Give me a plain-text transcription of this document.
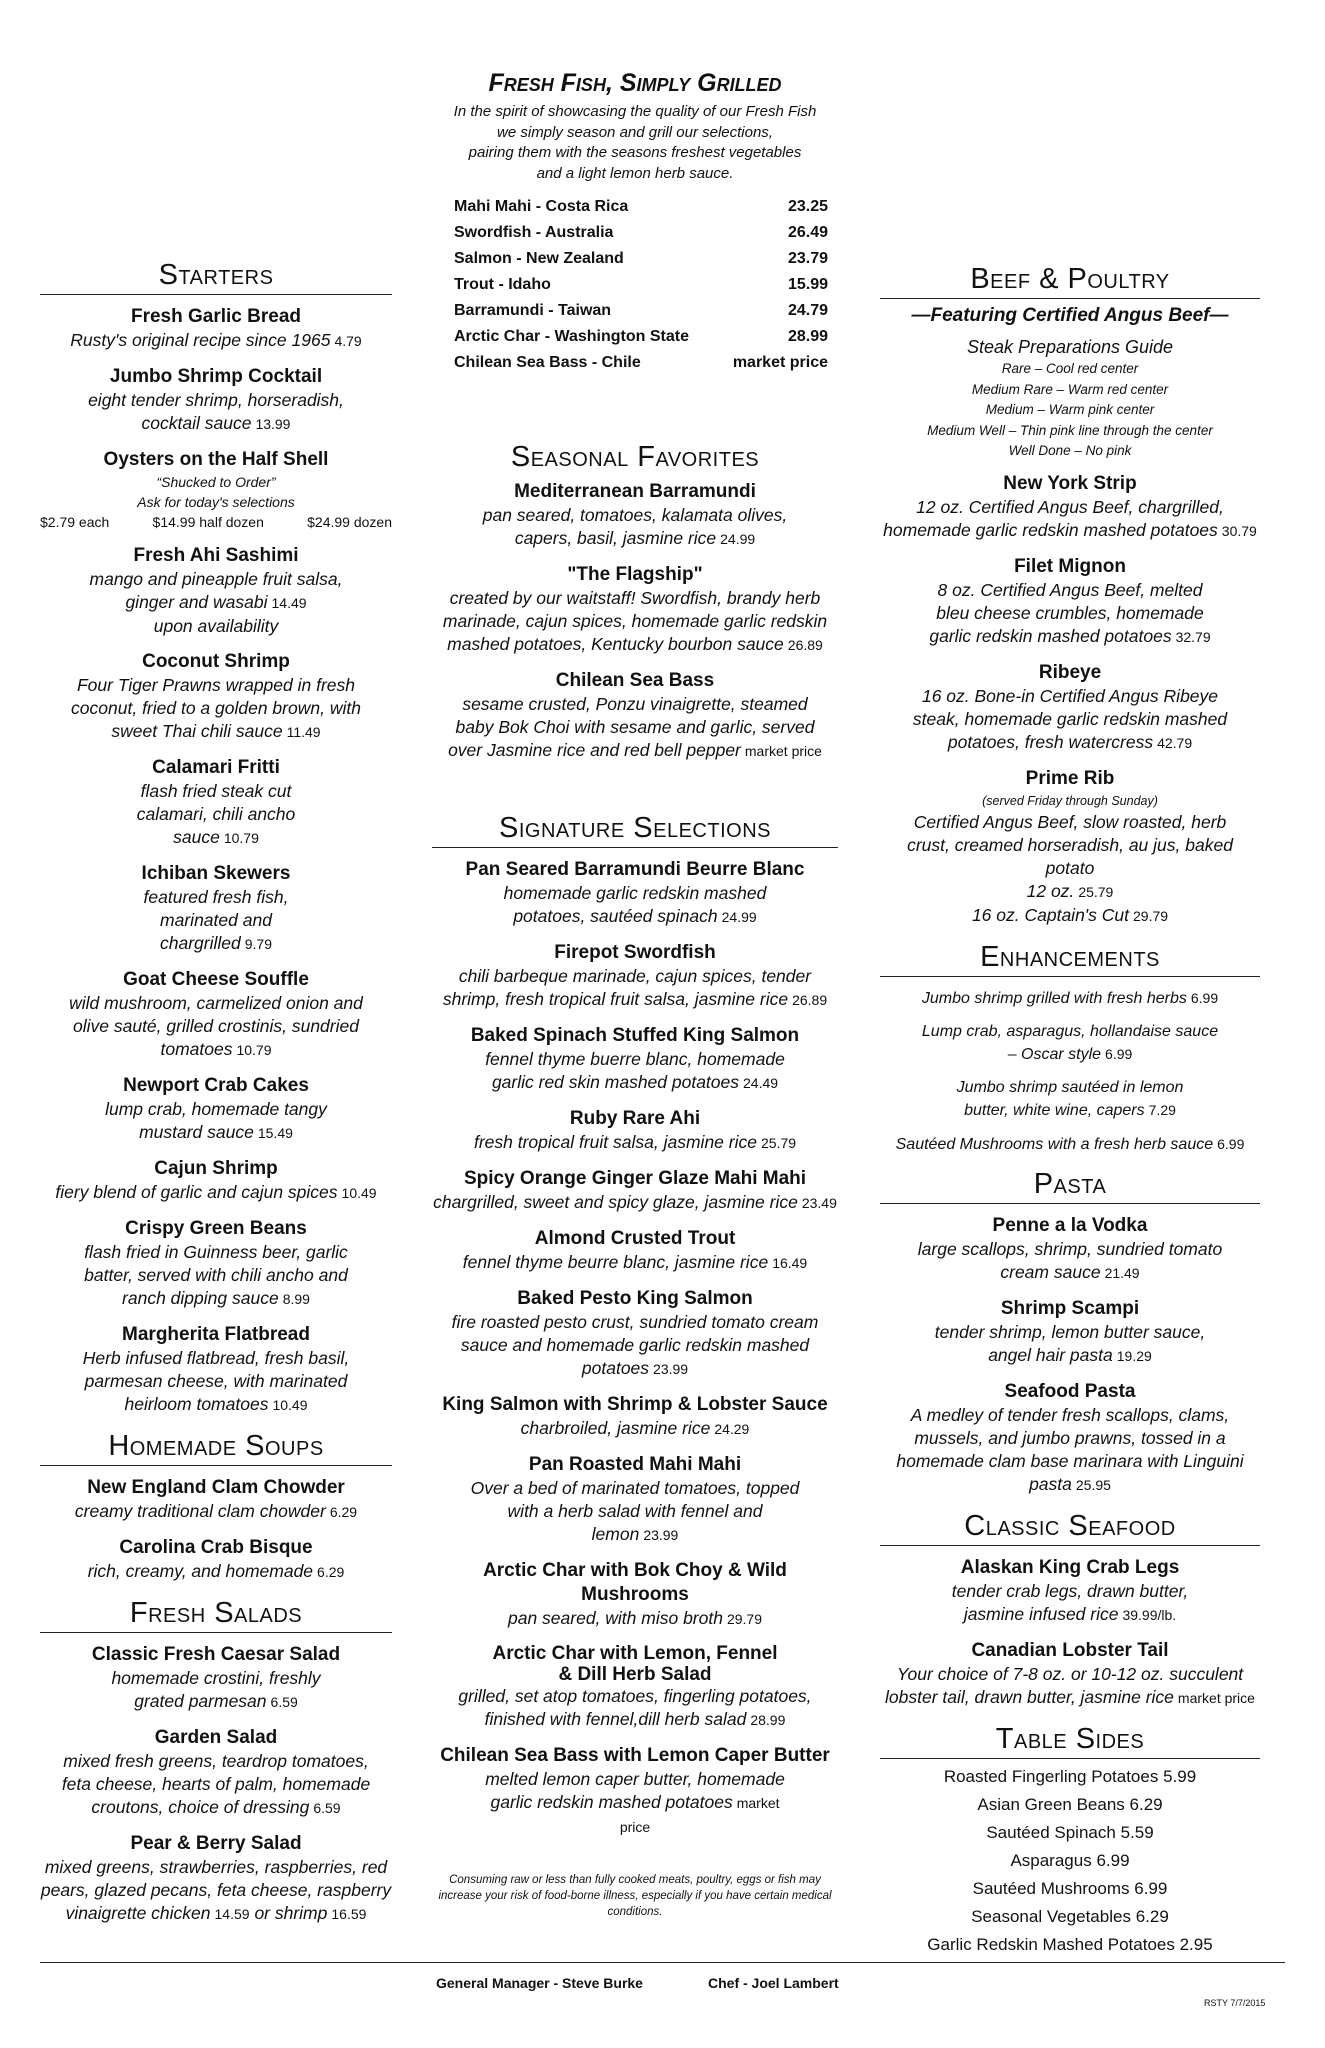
Starters
Fresh Garlic Bread
Rusty's original recipe since 1965 4.79
Jumbo Shrimp Cocktail
eight tender shrimp, horseradish, cocktail sauce 13.99
Oysters on the Half Shell
“Shucked to Order”
Ask for today's selections
$2.79 each	$14.99 half dozen	$24.99 dozen
Fresh Ahi Sashimi
mango and pineapple fruit salsa, ginger and wasabi 14.49
upon availability
Coconut Shrimp
Four Tiger Prawns wrapped in fresh coconut, fried to a golden brown, with sweet Thai chili sauce 11.49
Calamari Fritti
flash fried steak cut calamari, chili ancho sauce 10.79
Ichiban Skewers
featured fresh fish, marinated and chargrilled 9.79
Goat Cheese Souffle
wild mushroom, carmelized onion and olive sauté, grilled crostinis, sundried tomatoes 10.79
Newport Crab Cakes
lump crab, homemade tangy mustard sauce 15.49
Cajun Shrimp
fiery blend of garlic and cajun spices 10.49
Crispy Green Beans
flash fried in Guinness beer, garlic batter, served with chili ancho and ranch dipping sauce 8.99
Margherita Flatbread
Herb infused flatbread, fresh basil, parmesan cheese, with marinated heirloom tomatoes 10.49
Homemade Soups
New England Clam Chowder
creamy traditional clam chowder 6.29
Carolina Crab Bisque
rich, creamy, and homemade 6.29
Fresh Salads
Classic Fresh Caesar Salad
homemade crostini, freshly grated parmesan 6.59
Garden Salad
mixed fresh greens, teardrop tomatoes, feta cheese, hearts of palm, homemade croutons, choice of dressing 6.59
Pear & Berry Salad
mixed greens, strawberries, raspberries, red pears, glazed pecans, feta cheese, raspberry vinaigrette chicken 14.59 or shrimp 16.59
Fresh Fish, Simply Grilled
In the spirit of showcasing the quality of our Fresh Fish
we simply season and grill our selections,
pairing them with the seasons freshest vegetables
and a light lemon herb sauce.
Mahi Mahi - Costa Rica	23.25
Swordfish - Australia	26.49
Salmon - New Zealand	23.79
Trout - Idaho	15.99
Barramundi - Taiwan	24.79
Arctic Char - Washington State	28.99
Chilean Sea Bass - Chile	market price
Seasonal Favorites
Mediterranean Barramundi
pan seared, tomatoes, kalamata olives, capers, basil, jasmine rice 24.99
"The Flagship"
created by our waitstaff! Swordfish, brandy herb marinade, cajun spices, homemade garlic redskin mashed potatoes, Kentucky bourbon sauce 26.89
Chilean Sea Bass
sesame crusted, Ponzu vinaigrette, steamed baby Bok Choi with sesame and garlic, served over Jasmine rice and red bell pepper market price
Signature Selections
Pan Seared Barramundi Beurre Blanc
homemade garlic redskin mashed potatoes, sautéed spinach 24.99
Firepot Swordfish
chili barbeque marinade, cajun spices, tender shrimp, fresh tropical fruit salsa, jasmine rice 26.89
Baked Spinach Stuffed King Salmon
fennel thyme buerre blanc, homemade garlic red skin mashed potatoes 24.49
Ruby Rare Ahi
fresh tropical fruit salsa, jasmine rice 25.79
Spicy Orange Ginger Glaze Mahi Mahi
chargrilled, sweet and spicy glaze, jasmine rice 23.49
Almond Crusted Trout
fennel thyme beurre blanc, jasmine rice 16.49
Baked Pesto King Salmon
fire roasted pesto crust, sundried tomato cream sauce and homemade garlic redskin mashed potatoes 23.99
King Salmon with Shrimp & Lobster Sauce
charbroiled, jasmine rice 24.29
Pan Roasted Mahi Mahi
Over a bed of marinated tomatoes, topped with a herb salad with fennel and lemon 23.99
Arctic Char with Bok Choy & Wild Mushrooms
pan seared, with miso broth 29.79
Arctic Char with Lemon, Fennel & Dill Herb Salad
grilled, set atop tomatoes, fingerling potatoes, finished with fennel,dill herb salad 28.99
Chilean Sea Bass with Lemon Caper Butter
melted lemon caper butter, homemade garlic redskin mashed potatoes market price
Consuming raw or less than fully cooked meats, poultry, eggs or fish may increase your risk of food-borne illness, especially if you have certain medical conditions.
Beef & Poultry
—Featuring Certified Angus Beef—
Steak Preparations Guide
Rare – Cool red center
Medium Rare – Warm red center
Medium – Warm pink center
Medium Well – Thin pink line through the center
Well Done – No pink
New York Strip
12 oz. Certified Angus Beef, chargrilled, homemade garlic redskin mashed potatoes 30.79
Filet Mignon
8 oz. Certified Angus Beef, melted bleu cheese crumbles, homemade garlic redskin mashed potatoes 32.79
Ribeye
16 oz. Bone-in Certified Angus Ribeye steak, homemade garlic redskin mashed potatoes, fresh watercress 42.79
Prime Rib
(served Friday through Sunday)
Certified Angus Beef, slow roasted, herb crust, creamed horseradish, au jus, baked potato
12 oz. 25.79
16 oz. Captain's Cut 29.79
Enhancements
Jumbo shrimp grilled with fresh herbs 6.99
Lump crab, asparagus, hollandaise sauce – Oscar style 6.99
Jumbo shrimp sautéed in lemon butter, white wine, capers 7.29
Sautéed Mushrooms with a fresh herb sauce 6.99
Pasta
Penne a la Vodka
large scallops, shrimp, sundried tomato cream sauce 21.49
Shrimp Scampi
tender shrimp, lemon butter sauce, angel hair pasta 19.29
Seafood Pasta
A medley of tender fresh scallops, clams, mussels, and jumbo prawns, tossed in a homemade clam base marinara with Linguini pasta 25.95
Classic Seafood
Alaskan King Crab Legs
tender crab legs, drawn butter, jasmine infused rice 39.99/lb.
Canadian Lobster Tail
Your choice of 7-8 oz. or 10-12 oz. succulent lobster tail, drawn butter, jasmine rice market price
Table Sides
Roasted Fingerling Potatoes 5.99
Asian Green Beans 6.29
Sautéed Spinach 5.59
Asparagus 6.99
Sautéed Mushrooms 6.99
Seasonal Vegetables 6.29
Garlic Redskin Mashed Potatoes 2.95
General Manager - Steve Burke	Chef - Joel Lambert
RSTY 7/7/2015
